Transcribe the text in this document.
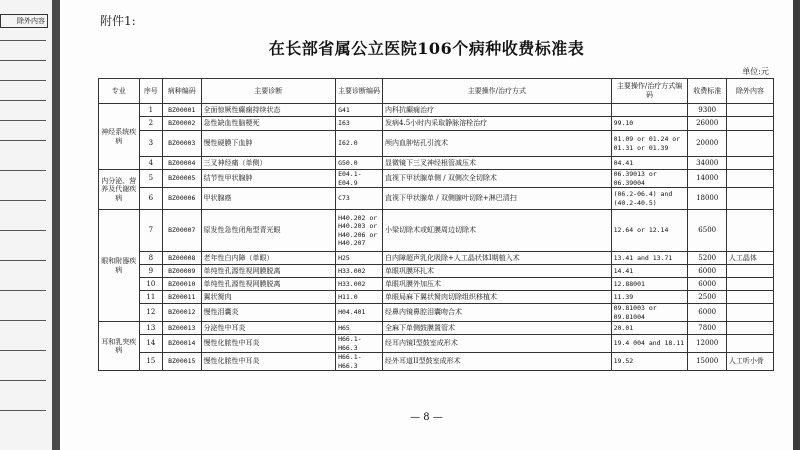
除外内容	附件1:
在长部省属公立医院106个病种收费标准表
单位:元
专业	序号	病种编码	主要诊断	主要诊断编码	主要操作/治疗方式	主要操作/治疗方式编码	收费标准	除外内容
神经系统疾病	1	BZ00001	全面惊厥性癫痫持续状态	G41	内科抗癫痫治疗		9300	
	2	BZ00002	急性缺血性脑梗死	I63	发病4.5小时内采取静脉溶栓治疗	99.10	26000	
	3	BZ00003	慢性硬膜下血肿	I62.0	颅内血肿钻孔引流术	01.09 or 01.24 or 01.31 or 01.39	20000	
	4	BZ00004	三叉神经痛（单侧）	G50.0	显微镜下三叉神经根管减压术	04.41	34000	
内分泌、营养及代谢疾病	5	BZ00005	结节性甲状腺肿	E04.1-E04.9	直视下甲状腺单侧 / 双侧次全切除术	06.39013 or 06.39004	14000	
	6	BZ00006	甲状腺癌	C73	直视下甲状腺单 / 双侧腺叶切除+淋巴清扫	(06.2-06.4) and (40.2-40.5)	18000	
眼和附器疾病	7	BZ00007	原发性急性闭角型青光眼	H40.202 or H40.203 or H40.206 or H40.207	小梁切除术或虹膜周边切除术	12.64 or 12.14	6500	
	8	BZ00008	老年性白内障（单眼）	H25	白内障超声乳化吸除+人工晶状体I期植入术	13.41 and 13.71	5200	人工晶体
	9	BZ00009	单纯性孔源性视网膜脱离	H33.002	单眼巩膜环扎术	14.41	6000	
	10	BZ00010	单纯性孔源性视网膜脱离	H33.002	单眼巩膜外加压术	12.88001	6000	
	11	BZ00011	翼状胬肉	H11.0	单眼局麻下翼状胬肉切除组织移植术	11.39	2500	
	12	BZ00012	慢性泪囊炎	H04.401	经鼻内镜鼻腔泪囊吻合术	09.81003 or 09.81004	6000	
耳和乳突疾病	13	BZ00013	分泌性中耳炎	H65	全麻下单侧鼓膜置管术	20.01	7800	
	14	BZ00014	慢性化脓性中耳炎	H66.1-H66.3	经耳内镜I型鼓室成形术	19.4 004 and 18.11	12000	
	15	BZ00015	慢性化脓性中耳炎	H66.1-H66.3	经外耳道II型鼓室成形术	19.52	15000	人工听小骨
— 8 —
